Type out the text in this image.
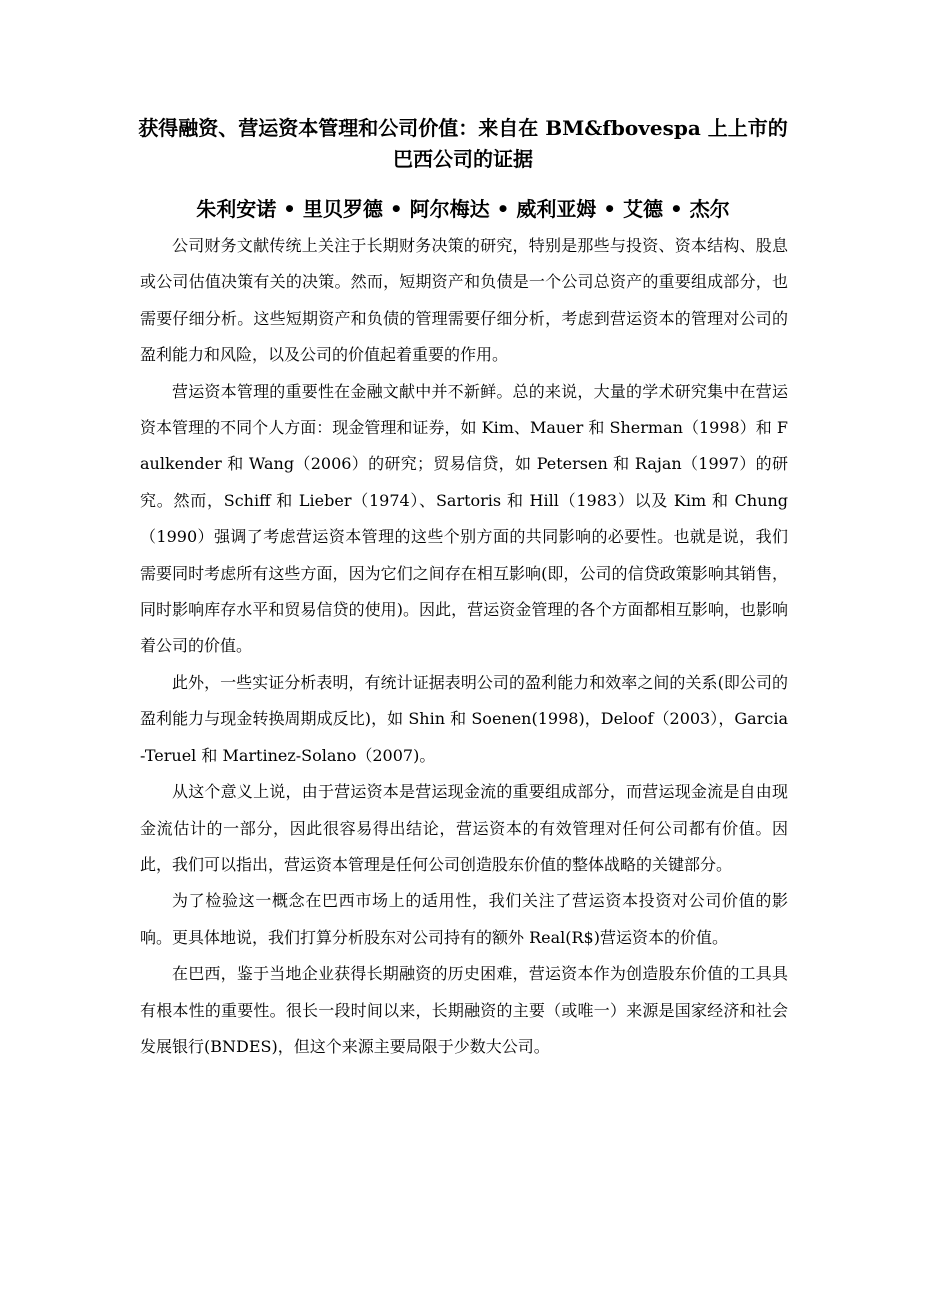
获得融资、营运资本管理和公司价值：来自在 BM&fbovespa 上上市的巴西公司的证据
朱利安诺 • 里贝罗德 • 阿尔梅达 • 威利亚姆 • 艾德 • 杰尔

公司财务文献传统上关注于长期财务决策的研究，特别是那些与投资、资本结构、股息或公司估值决策有关的决策。然而，短期资产和负债是一个公司总资产的重要组成部分，也需要仔细分析。这些短期资产和负债的管理需要仔细分析，考虑到营运资本的管理对公司的盈利能力和风险，以及公司的价值起着重要的作用。

营运资本管理的重要性在金融文献中并不新鲜。总的来说，大量的学术研究集中在营运资本管理的不同个人方面：现金管理和证券，如 Kim、Mauer 和 Sherman（1998）和 Faulkender 和 Wang（2006）的研究；贸易信贷，如 Petersen 和 Rajan（1997）的研究。然而，Schiff 和 Lieber（1974）、Sartoris 和 Hill（1983）以及 Kim 和 Chung（1990）强调了考虑营运资本管理的这些个别方面的共同影响的必要性。也就是说，我们需要同时考虑所有这些方面，因为它们之间存在相互影响(即，公司的信贷政策影响其销售，同时影响库存水平和贸易信贷的使用)。因此，营运资金管理的各个方面都相互影响，也影响着公司的价值。

此外，一些实证分析表明，有统计证据表明公司的盈利能力和效率之间的关系(即公司的盈利能力与现金转换周期成反比)，如 Shin 和 Soenen(1998)，Deloof（2003），Garcia-Teruel 和 Martinez-Solano（2007)。

从这个意义上说，由于营运资本是营运现金流的重要组成部分，而营运现金流是自由现金流估计的一部分，因此很容易得出结论，营运资本的有效管理对任何公司都有价值。因此，我们可以指出，营运资本管理是任何公司创造股东价值的整体战略的关键部分。

为了检验这一概念在巴西市场上的适用性，我们关注了营运资本投资对公司价值的影响。更具体地说，我们打算分析股东对公司持有的额外 Real(R$)营运资本的价值。

在巴西，鉴于当地企业获得长期融资的历史困难，营运资本作为创造股东价值的工具具有根本性的重要性。很长一段时间以来，长期融资的主要（或唯一）来源是国家经济和社会发展银行(BNDES)，但这个来源主要局限于少数大公司。
